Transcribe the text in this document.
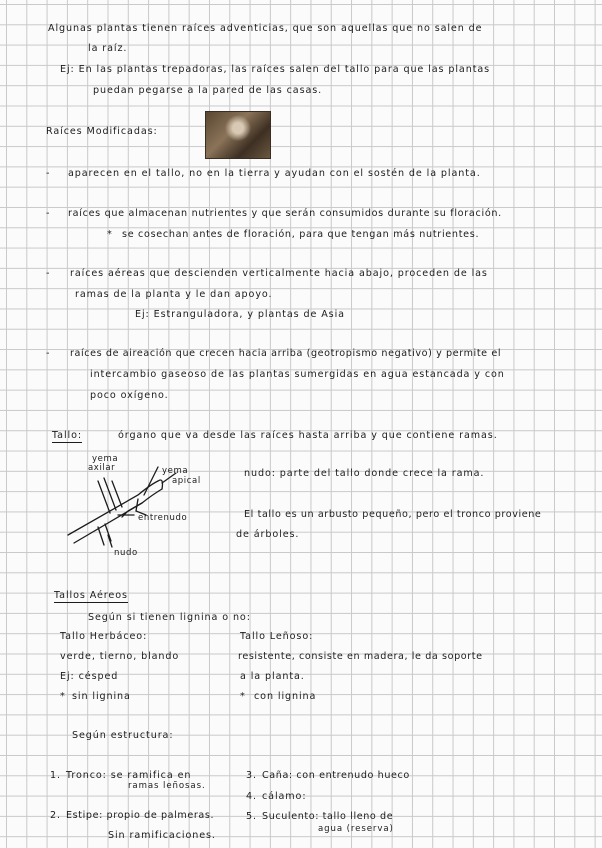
Algunas plantas tienen raíces adventicias, que son aquellas que no salen de
la raíz.
Ej: En las plantas trepadoras, las raíces salen del tallo para que las plantas
puedan pegarse a la pared de las casas.
Raíces Modificadas:
- aparecen en el tallo, no en la tierra y ayudan con el sostén de la planta.
- raíces que almacenan nutrientes y que serán consumidos durante su floración.
* se cosechan antes de floración, para que tengan más nutrientes.
- raíces aéreas que descienden verticalmente hacia abajo, proceden de las
ramas de la planta y le dan apoyo.
Ej: Estranguladora, y plantas de Asia
- raíces de aireación que crecen hacia arriba (geotropismo negativo) y permite el
intercambio gaseoso de las plantas sumergidas en agua estancada y con
poco oxígeno.
Tallo:	órgano que va desde las raíces hasta arriba y que contiene ramas.
yema
axilar	yema
apical
entrenudo
nudo
nudo: parte del tallo donde crece la rama.
El tallo es un arbusto pequeño, pero el tronco proviene
de árboles.
Tallos Aéreos
Según si tienen lignina o no:
Tallo Herbáceo:
verde, tierno, blando
Ej: césped
* sin lignina
Tallo Leñoso:
resistente, consiste en madera, le da soporte
a la planta.
* con lignina
Según estructura:
1. Tronco: se ramifica en
ramas leñosas.
2. Estipe: propio de palmeras.
Sin ramificaciones.
3. Caña: con entrenudo hueco
4. cálamo:
5. Suculento: tallo lleno de
agua (reserva)
